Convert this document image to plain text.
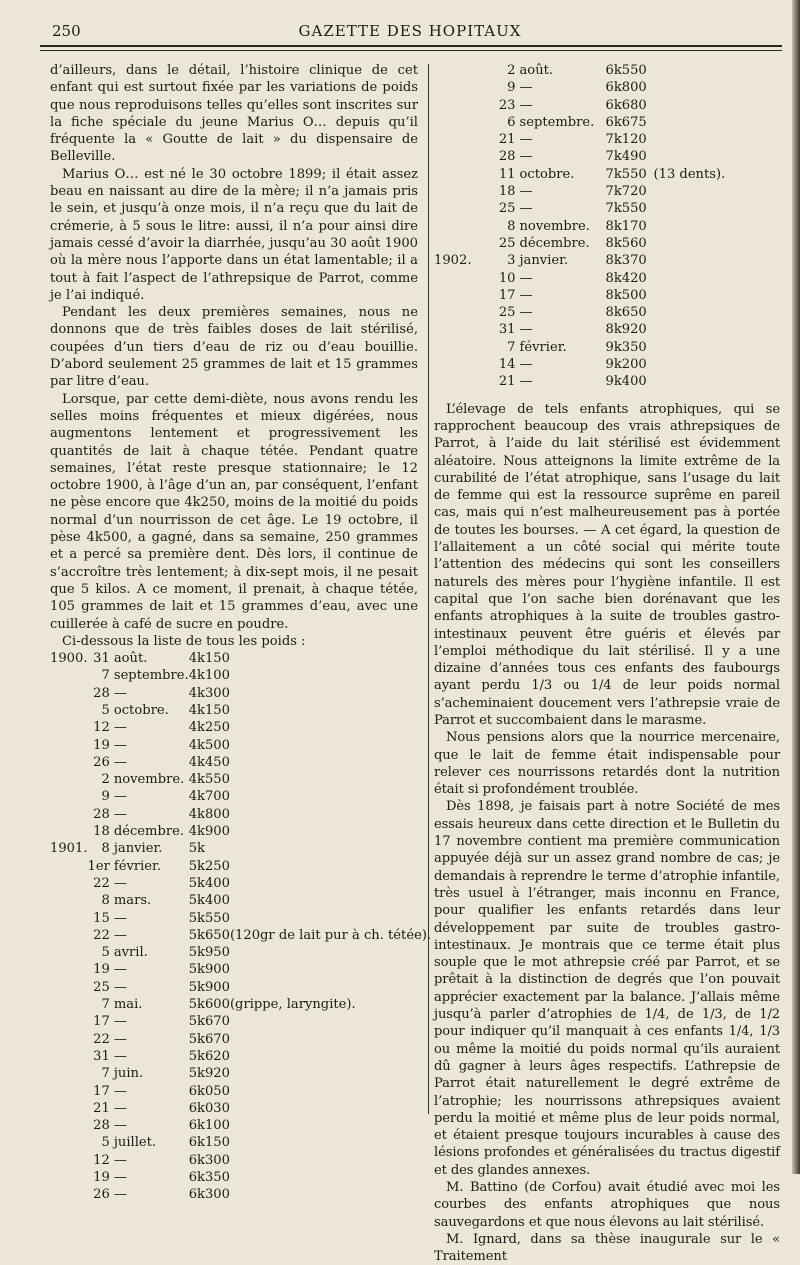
250	GAZETTE DES HOPITAUX

d’ailleurs, dans le détail, l’histoire clinique de cet enfant qui est surtout fixée par les variations de poids que nous reproduisons telles qu’elles sont inscrites sur la fiche spéciale du jeune Marius O… depuis qu’il fréquente la « Goutte de lait » du dispensaire de Belleville.

Marius O… est né le 30 octobre 1899; il était assez beau en naissant au dire de la mère; il n’a jamais pris le sein, et jusqu’à onze mois, il n’a reçu que du lait de crémerie, à 5 sous le litre: aussi, il n’a pour ainsi dire jamais cessé d’avoir la diarrhée, jusqu’au 30 août 1900 où la mère nous l’apporte dans un état lamentable; il a tout à fait l’aspect de l’athrepsique de Parrot, comme je l’ai indiqué.

Pendant les deux premières semaines, nous ne donnons que de très faibles doses de lait stérilisé, coupées d’un tiers d’eau de riz ou d’eau bouillie. D’abord seulement 25 grammes de lait et 15 grammes par litre d’eau.

Lorsque, par cette demi-diète, nous avons rendu les selles moins fréquentes et mieux digérées, nous augmentons lentement et progressivement les quantités de lait à chaque tétée. Pendant quatre semaines, l’état reste presque stationnaire; le 12 octobre 1900, à l’âge d’un an, par conséquent, l’enfant ne pèse encore que 4k250, moins de la moitié du poids normal d’un nourrisson de cet âge. Le 19 octobre, il pèse 4k500, a gagné, dans sa semaine, 250 grammes et a percé sa première dent. Dès lors, il continue de s’accroître très lentement; à dix-sept mois, il ne pesait que 5 kilos. A ce moment, il prenait, à chaque tétée, 105 grammes de lait et 15 grammes d’eau, avec une cuillerée à café de sucre en poudre.

Ci-dessous la liste de tous les poids :

1900.	31	août.	4k150	
	7	septembre.	4k100	
	28	—	4k300	
	5	octobre.	4k150	
	12	—	4k250	
	19	—	4k500	
	26	—	4k450	
	2	novembre.	4k550	
	9	—	4k700	
	28	—	4k800	
	18	décembre.	4k900	
1901.	8	janvier.	5k	
	1er	février.	5k250	
	22	—	5k400	
	8	mars.	5k400	
	15	—	5k550	
	22	—	5k650	(120gr de lait pur à ch. tétée).
	5	avril.	5k950	
	19	—	5k900	
	25	—	5k900	
	7	mai.	5k600	(grippe, laryngite).
	17	—	5k670	
	22	—	5k670	
	31	—	5k620	
	7	juin.	5k920	
	17	—	6k050	
	21	—	6k030	
	28	—	6k100	
	5	juillet.	6k150	
	12	—	6k300	
	19	—	6k350	
	26	—	6k300	
	2	août.	6k550	
	9	—	6k800	
	23	—	6k680	
	6	septembre.	6k675	
	21	—	7k120	
	28	—	7k490	
	11	octobre.	7k550	(13 dents).
	18	—	7k720	
	25	—	7k550	
	8	novembre.	8k170	
	25	décembre.	8k560	
1902.	3	janvier.	8k370	
	10	—	8k420	
	17	—	8k500	
	25	—	8k650	
	31	—	8k920	
	7	février.	9k350	
	14	—	9k200	
	21	—	9k400	

L’élevage de tels enfants atrophiques, qui se rapprochent beaucoup des vrais athrepsiques de Parrot, à l’aide du lait stérilisé est évidemment aléatoire. Nous atteignons la limite extrême de la curabilité de l’état atrophique, sans l’usage du lait de femme qui est la ressource suprême en pareil cas, mais qui n’est malheureusement pas à portée de toutes les bourses. — A cet égard, la question de l’allaitement a un côté social qui mérite toute l’attention des médecins qui sont les conseillers naturels des mères pour l’hygiène infantile. Il est capital que l’on sache bien dorénavant que les enfants atrophiques à la suite de troubles gastro-intestinaux peuvent être guéris et élevés par l’emploi méthodique du lait stérilisé. Il y a une dizaine d’années tous ces enfants des faubourgs ayant perdu 1/3 ou 1/4 de leur poids normal s’acheminaient doucement vers l’athrepsie vraie de Parrot et succombaient dans le marasme.

Nous pensions alors que la nourrice mercenaire, que le lait de femme était indispensable pour relever ces nourrissons retardés dont la nutrition était si profondément troublée.

Dès 1898, je faisais part à notre Société de mes essais heureux dans cette direction et le Bulletin du 17 novembre contient ma première communication appuyée déjà sur un assez grand nombre de cas; je demandais à reprendre le terme d’atrophie infantile, très usuel à l’étranger, mais inconnu en France, pour qualifier les enfants retardés dans leur développement par suite de troubles gastro-intestinaux. Je montrais que ce terme était plus souple que le mot athrepsie créé par Parrot, et se prêtait à la distinction de degrés que l’on pouvait apprécier exactement par la balance. J’allais même jusqu’à parler d’atrophies de 1/4, de 1/3, de 1/2 pour indiquer qu’il manquait à ces enfants 1/4, 1/3 ou même la moitié du poids normal qu’ils auraient dû gagner à leurs âges respectifs. L’athrepsie de Parrot était naturellement le degré extrême de l’atrophie; les nourrissons athrepsiques avaient perdu la moitié et même plus de leur poids normal, et étaient presque toujours incurables à cause des lésions profondes et généralisées du tractus digestif et des glandes annexes.

M. Battino (de Corfou) avait étudié avec moi les courbes des enfants atrophiques que nous sauvegardons et que nous élevons au lait stérilisé.

M. Ignard, dans sa thèse inaugurale sur le « Traitement
